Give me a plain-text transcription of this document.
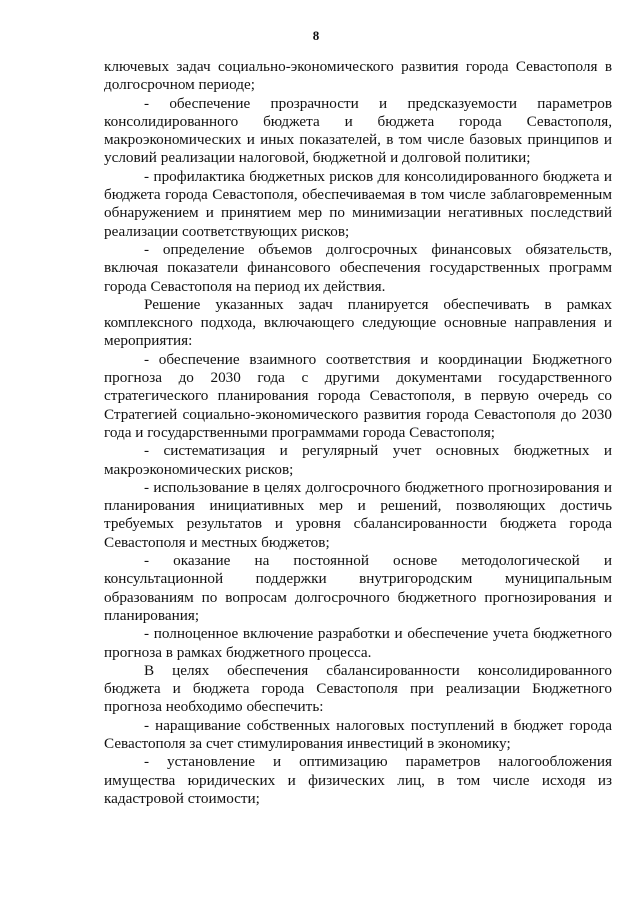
8

ключевых задач социально-экономического развития города Севастополя в долгосрочном периоде;

- обеспечение прозрачности и предсказуемости параметров консолидированного бюджета и бюджета города Севастополя, макроэкономических и иных показателей, в том числе базовых принципов и условий реализации налоговой, бюджетной и долговой политики;

- профилактика бюджетных рисков для консолидированного бюджета и бюджета города Севастополя, обеспечиваемая в том числе заблаговременным обнаружением и принятием мер по минимизации негативных последствий реализации соответствующих рисков;

- определение объемов долгосрочных финансовых обязательств, включая показатели финансового обеспечения государственных программ города Севастополя на период их действия.

Решение указанных задач планируется обеспечивать в рамках комплексного подхода, включающего следующие основные направления и мероприятия:

- обеспечение взаимного соответствия и координации Бюджетного прогноза до 2030 года с другими документами государственного стратегического планирования города Севастополя, в первую очередь со Стратегией социально-экономического развития города Севастополя до 2030 года и государственными программами города Севастополя;

- систематизация и регулярный учет основных бюджетных и макроэкономических рисков;

- использование в целях долгосрочного бюджетного прогнозирования и планирования инициативных мер и решений, позволяющих достичь требуемых результатов и уровня сбалансированности бюджета города Севастополя и местных бюджетов;

- оказание на постоянной основе методологической и консультационной поддержки внутригородским муниципальным образованиям по вопросам долгосрочного бюджетного прогнозирования и планирования;

- полноценное включение разработки и обеспечение учета бюджетного прогноза в рамках бюджетного процесса.

В целях обеспечения сбалансированности консолидированного бюджета и бюджета города Севастополя при реализации Бюджетного прогноза необходимо обеспечить:

- наращивание собственных налоговых поступлений в бюджет города Севастополя за счет стимулирования инвестиций в экономику;

- установление и оптимизацию параметров налогообложения имущества юридических и физических лиц, в том числе исходя из кадастровой стоимости;
